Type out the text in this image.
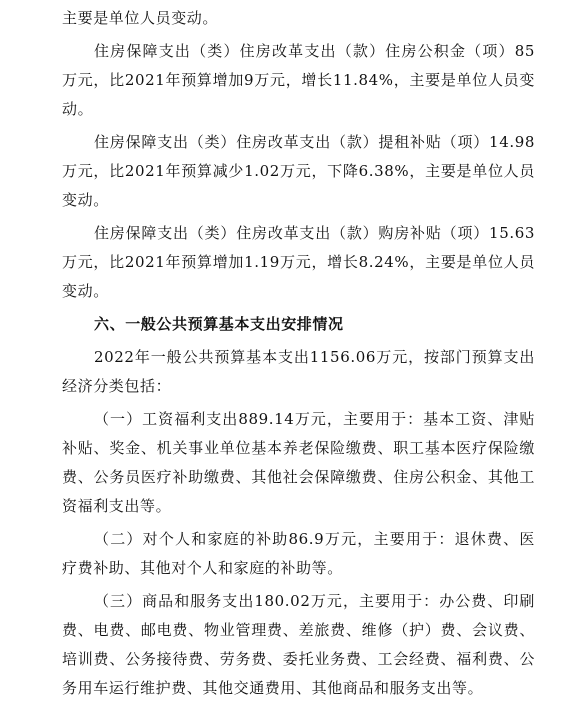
主要是单位人员变动。

住房保障支出（类）住房改革支出（款）住房公积金（项）85万元，比2021年预算增加9万元，增长11.84%，主要是单位人员变动。

住房保障支出（类）住房改革支出（款）提租补贴（项）14.98万元，比2021年预算减少1.02万元，下降6.38%，主要是单位人员变动。

住房保障支出（类）住房改革支出（款）购房补贴（项）15.63万元，比2021年预算增加1.19万元，增长8.24%，主要是单位人员变动。

六、一般公共预算基本支出安排情况

2022年一般公共预算基本支出1156.06万元，按部门预算支出经济分类包括：

（一）工资福利支出889.14万元，主要用于：基本工资、津贴补贴、奖金、机关事业单位基本养老保险缴费、职工基本医疗保险缴费、公务员医疗补助缴费、其他社会保障缴费、住房公积金、其他工资福利支出等。

（二）对个人和家庭的补助86.9万元，主要用于：退休费、医疗费补助、其他对个人和家庭的补助等。

（三）商品和服务支出180.02万元，主要用于：办公费、印刷费、电费、邮电费、物业管理费、差旅费、维修（护）费、会议费、培训费、公务接待费、劳务费、委托业务费、工会经费、福利费、公务用车运行维护费、其他交通费用、其他商品和服务支出等。
